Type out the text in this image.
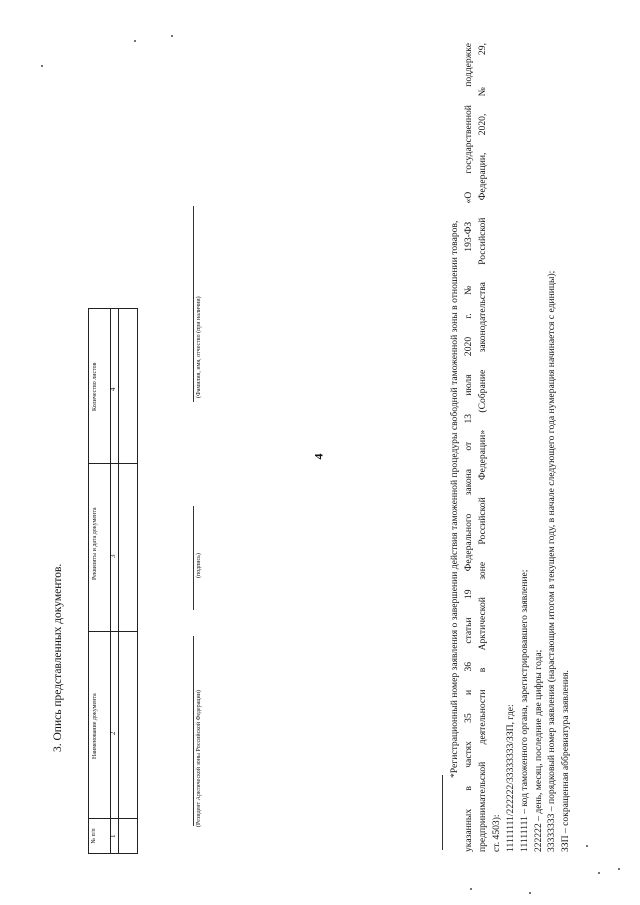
4
3. Опись представленных документов.
№ п/п
Наименование документа
Реквизиты и дата документа
Количество листов
1
2
3
4
(Резидент Арктической зоны Российской Федерации)
(подпись)
(Фамилия, имя, отчество (при наличии)	*Регистрационный номер заявления о завершении действия таможенной процедуры свободной таможенной зоны в отношении товаров, указанных в частях 35 и 36 статьи 19 Федерального закона от 13 июля 2020 г. № 193-ФЗ «О государственной поддержке предпринимательской деятельности в Арктической зоне Российской Федерации» (Собрание законодательства Российской Федерации, 2020, № 29, ст. 4503): 11111111/222222/33333333/ЗЗП, где: 11111111 – код таможенного органа, зарегистрировавшего заявление; 222222 – день, месяц, последние две цифры года; 33333333 – порядковый номер заявления (нарастающим итогом в текущем году, в начале следующего года нумерация начинается с единицы); ЗЗП – сокращенная аббревиатура заявления.
